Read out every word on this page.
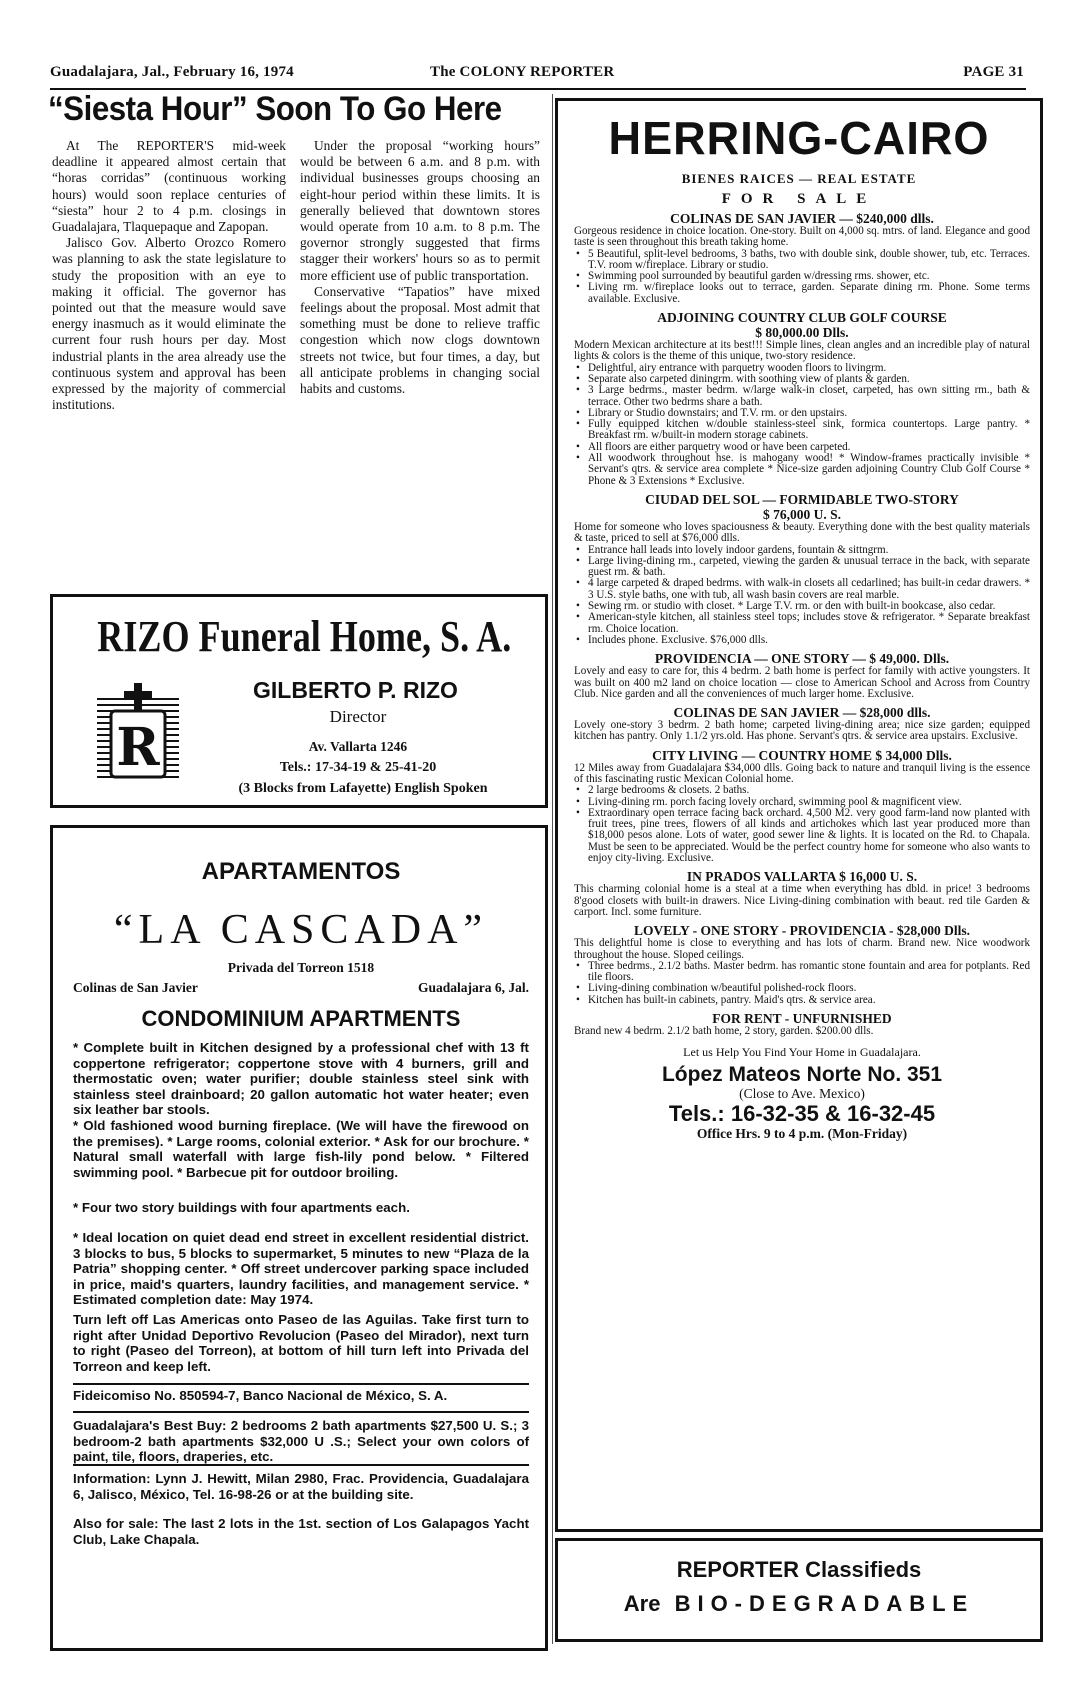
Guadalajara, Jal., February 16, 1974	The COLONY REPORTER	PAGE 31
“Siesta Hour” Soon To Go Here

At The REPORTER'S mid-week deadline it appeared almost certain that “horas corridas” (continuous working hours) would soon replace centuries of “siesta” hour 2 to 4 p.m. closings in Guadalajara, Tlaquepaque and Zapopan.

Jalisco Gov. Alberto Orozco Romero was planning to ask the state legislature to study the proposition with an eye to making it official. The governor has pointed out that the measure would save energy inasmuch as it would eliminate the current four rush hours per day. Most industrial plants in the area already use the continuous system and approval has been expressed by the majority of commercial institutions.

Under the proposal “working hours” would be between 6 a.m. and 8 p.m. with individual businesses groups choosing an eight-hour period within these limits. It is generally believed that downtown stores would operate from 10 a.m. to 8 p.m. The governor strongly suggested that firms stagger their workers' hours so as to permit more efficient use of public transportation.

Conservative “Tapatios” have mixed feelings about the proposal. Most admit that something must be done to relieve traffic congestion which now clogs downtown streets not twice, but four times, a day, but all anticipate problems in changing social habits and customs.

RIZO Funeral Home, S. A.
R
GILBERTO P. RIZO
Director
Av. Vallarta 1246
Tels.: 17-34-19 & 25-41-20
(3 Blocks from Lafayette) English Spoken
APARTAMENTOS
“LA CASCADA”
Privada del Torreon 1518
Colinas de San Javier	Guadalajara 6, Jal.
CONDOMINIUM APARTMENTS
* Complete built in Kitchen designed by a professional chef with 13 ft coppertone refrigerator; coppertone stove with 4 burners, grill and thermostatic oven; water purifier; double stainless steel sink with stainless steel drainboard; 20 gallon automatic hot water heater; even six leather bar stools.
* Old fashioned wood burning fireplace. (We will have the firewood on the premises). * Large rooms, colonial exterior. * Ask for our brochure. * Natural small waterfall with large fish-lily pond below. * Filtered swimming pool. * Barbecue pit for outdoor broiling.
* Four two story buildings with four apartments each.
* Ideal location on quiet dead end street in excellent residential district. 3 blocks to bus, 5 blocks to supermarket, 5 minutes to new “Plaza de la Patria” shopping center. * Off street undercover parking space included in price, maid's quarters, laundry facilities, and management service. * Estimated completion date: May 1974.
Turn left off Las Americas onto Paseo de las Aguilas. Take first turn to right after Unidad Deportivo Revolucion (Paseo del Mirador), next turn to right (Paseo del Torreon), at bottom of hill turn left into Privada del Torreon and keep left.
Fideicomiso No. 850594-7, Banco Nacional de México, S. A.
Guadalajara's Best Buy: 2 bedrooms 2 bath apartments $27,500 U. S.; 3 bedroom-2 bath apartments $32,000 U .S.; Select your own colors of paint, tile, floors, draperies, etc.
Information: Lynn J. Hewitt, Milan 2980, Frac. Providencia, Guadalajara 6, Jalisco, México, Tel. 16-98-26 or at the building site.
Also for sale: The last 2 lots in the 1st. section of Los Galapagos Yacht Club, Lake Chapala.
HERRING-CAIRO
BIENES RAICES — REAL ESTATE
FOR SALE
COLINAS DE SAN JAVIER — $240,000 dlls.
Gorgeous residence in choice location. One-story. Built on 4,000 sq. mtrs. of land. Elegance and good taste is seen throughout this breath taking home.
• 5 Beautiful, split-level bedrooms, 3 baths, two with double sink, double shower, tub, etc. Terraces. T.V. room w/fireplace. Library or studio.
• Swimming pool surrounded by beautiful garden w/dressing rms. shower, etc.
• Living rm. w/fireplace looks out to terrace, garden. Separate dining rm. Phone. Some terms available. Exclusive.
ADJOINING COUNTRY CLUB GOLF COURSE
$ 80,000.00 Dlls.
Modern Mexican architecture at its best!!! Simple lines, clean angles and an incredible play of natural lights & colors is the theme of this unique, two-story residence.
• Delightful, airy entrance with parquetry wooden floors to livingrm.
• Separate also carpeted diningrm. with soothing view of plants & garden.
• 3 Large bedrms., master bedrm. w/large walk-in closet, carpeted, has own sitting rm., bath & terrace. Other two bedrms share a bath.
• Library or Studio downstairs; and T.V. rm. or den upstairs.
• Fully equipped kitchen w/double stainless-steel sink, formica countertops. Large pantry. * Breakfast rm. w/built-in modern storage cabinets.
• All floors are either parquetry wood or have been carpeted.
• All woodwork throughout hse. is mahogany wood! * Window-frames practically invisible * Servant's qtrs. & service area complete * Nice-size garden adjoining Country Club Golf Course * Phone & 3 Extensions * Exclusive.
CIUDAD DEL SOL — FORMIDABLE TWO-STORY
$ 76,000 U. S.
Home for someone who loves spaciousness & beauty. Everything done with the best quality materials & taste, priced to sell at $76,000 dlls.
• Entrance hall leads into lovely indoor gardens, fountain & sittngrm.
• Large living-dining rm., carpeted, viewing the garden & unusual terrace in the back, with separate guest rm. & bath.
• 4 large carpeted & draped bedrms. with walk-in closets all cedarlined; has built-in cedar drawers. * 3 U.S. style baths, one with tub, all wash basin covers are real marble.
• Sewing rm. or studio with closet. * Large T.V. rm. or den with built-in bookcase, also cedar.
• American-style kitchen, all stainless steel tops; includes stove & refrigerator. * Separate breakfast rm. Choice location.
• Includes phone. Exclusive. $76,000 dlls.
PROVIDENCIA — ONE STORY — $ 49,000. Dlls.
Lovely and easy to care for, this 4 bedrm. 2 bath home is perfect for family with active youngsters. It was built on 400 m2 land on choice location — close to American School and Across from Country Club. Nice garden and all the conveniences of much larger home. Exclusive.
COLINAS DE SAN JAVIER — $28,000 dlls.
Lovely one-story 3 bedrm. 2 bath home; carpeted living-dining area; nice size garden; equipped kitchen has pantry. Only 1.1/2 yrs.old. Has phone. Servant's qtrs. & service area upstairs. Exclusive.
CITY LIVING — COUNTRY HOME $ 34,000 Dlls.
12 Miles away from Guadalajara $34,000 dlls. Going back to nature and tranquil living is the essence of this fascinating rustic Mexican Colonial home.
• 2 large bedrooms & closets. 2 baths.
• Living-dining rm. porch facing lovely orchard, swimming pool & magnificent view.
• Extraordinary open terrace facing back orchard. 4,500 M2. very good farm-land now planted with fruit trees, pine trees, flowers of all kinds and artichokes which last year produced more than $18,000 pesos alone. Lots of water, good sewer line & lights. It is located on the Rd. to Chapala. Must be seen to be appreciated. Would be the perfect country home for someone who also wants to enjoy city-living. Exclusive.
IN PRADOS VALLARTA $ 16,000 U. S.
This charming colonial home is a steal at a time when everything has dbld. in price! 3 bedrooms 8'good closets with built-in drawers. Nice Living-dining combination with beaut. red tile Garden & carport. Incl. some furniture.
LOVELY - ONE STORY - PROVIDENCIA - $28,000 Dlls.
This delightful home is close to everything and has lots of charm. Brand new. Nice woodwork throughout the house. Sloped ceilings.
• Three bedrms., 2.1/2 baths. Master bedrm. has romantic stone fountain and area for potplants. Red tile floors.
• Living-dining combination w/beautiful polished-rock floors.
• Kitchen has built-in cabinets, pantry. Maid's qtrs. & service area.
FOR RENT - UNFURNISHED
Brand new 4 bedrm. 2.1/2 bath home, 2 story, garden. $200.00 dlls.
Let us Help You Find Your Home in Guadalajara.
López Mateos Norte No. 351
(Close to Ave. Mexico)
Tels.: 16-32-35 & 16-32-45
Office Hrs. 9 to 4 p.m. (Mon-Friday)
REPORTER Classifieds
Are BIO-DEGRADABLE
